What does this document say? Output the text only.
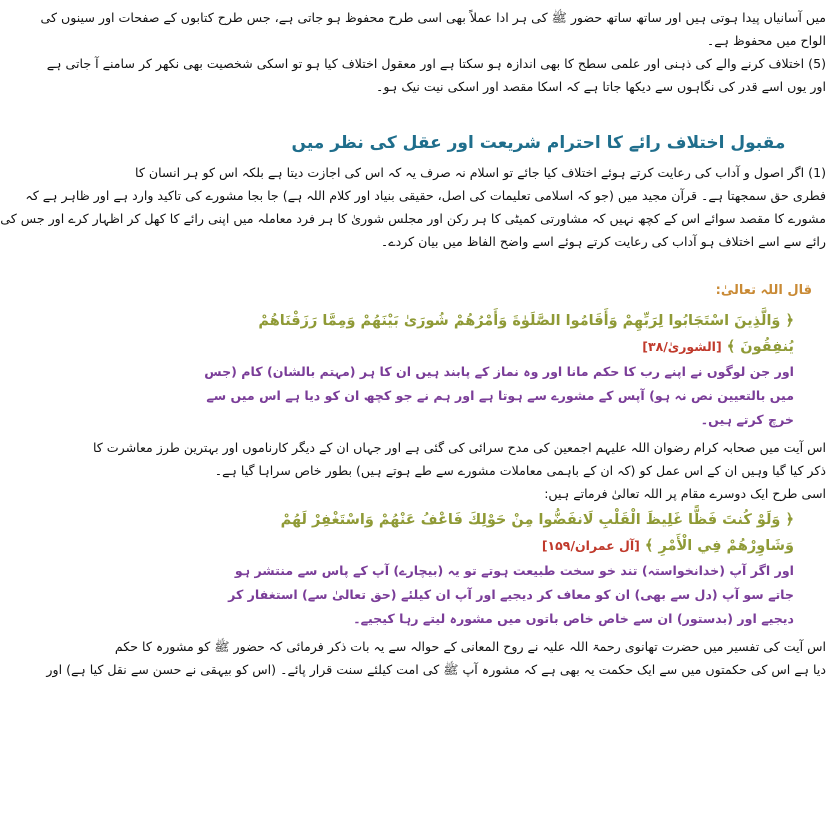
میں آسانیاں پیدا ہوتی ہیں اور ساتھ ساتھ حضور ﷺ کی ہر ادا عملاً بھی اسی طرح محفوظ ہو جاتی ہے، جس طرح کتابوں کے صفحات اور سینوں کی
الواح میں محفوظ ہے۔
(5) اختلاف کرنے والے کی ذہنی اور علمی سطح کا بھی اندازہ ہو سکتا ہے اور معقول اختلاف کیا ہو تو اسکی شخصیت بھی نکھر کر سامنے آ جاتی ہے
اور یوں اسے قدر کی نگاہوں سے دیکھا جاتا ہے کہ اسکا مقصد اور اسکی نیت نیک ہو۔

مقبول اختلاف رائے کا احترام شریعت اور عقل کی نظر میں

(1) اگر اصول و آداب کی رعایت کرتے ہوئے اختلاف کیا جائے تو اسلام نہ صرف یہ کہ اس کی اجازت دیتا ہے بلکہ اس کو ہر انسان کا
فطری حق سمجھتا ہے۔ قرآن مجید میں (جو کہ اسلامی تعلیمات کی اصل، حقیقی بنیاد اور کلام اللہ ہے) جا بجا مشورے کی تاکید وارد ہے اور ظاہر ہے کہ
مشورے کا مقصد سوائے اس کے کچھ نہیں کہ مشاورتی کمیٹی کا ہر رکن اور مجلس شوریٰ کا ہر فرد معاملہ میں اپنی رائے کا کھل کر اظہار کرے اور جس کی
رائے سے اسے اختلاف ہو آداب کی رعایت کرتے ہوئے اسے واضح الفاظ میں بیان کردے۔

قال اللہ تعالیٰ:
﴿ وَالَّذِينَ اسْتَجَابُوا لِرَبِّهِمْ وَأَقَامُوا الصَّلَوٰةَ وَأَمْرُهُمْ شُورَىٰ بَيْنَهُمْ وَمِمَّا رَزَقْنَاهُمْ
يُنفِقُونَ ﴾ [الشوریٰ/۳۸]
اور جن لوگوں نے اپنے رب کا حکم مانا اور وہ نماز کے پابند ہیں ان کا ہر (مہتم بالشان) کام (جس
میں بالتعیین نص نہ ہو) آپس کے مشورے سے ہوتا ہے اور ہم نے جو کچھ ان کو دیا ہے اس میں سے
خرچ کرتے ہیں۔

اس آیت میں صحابہ کرام رضوان اللہ علیہم اجمعین کی مدح سرائی کی گئی ہے اور جہاں ان کے دیگر کارناموں اور بہترین طرز معاشرت کا
ذکر کیا گیا وہیں ان کے اس عمل کو (کہ ان کے باہمی معاملات مشورے سے طے ہوتے ہیں) بطور خاص سراہا گیا ہے۔
اسی طرح ایک دوسرے مقام پر اللہ تعالیٰ فرماتے ہیں:

﴿ وَلَوْ كُنتَ فَظًّا غَلِيظَ الْقَلْبِ لَانفَضُّوا مِنْ حَوْلِكَ فَاعْفُ عَنْهُمْ وَاسْتَغْفِرْ لَهُمْ
وَشَاوِرْهُمْ فِي الْأَمْرِ ﴾ [آل عمران/۱۵۹]
اور اگر آپ (خدانخواستہ) تند خو سخت طبیعت ہوتے تو یہ (بیچارے) آپ کے پاس سے منتشر ہو
جاتے سو آپ (دل سے بھی) ان کو معاف کر دیجیے اور آپ ان کیلئے (حق تعالیٰ سے) استغفار کر
دیجیے اور (بدستور) ان سے خاص خاص باتوں میں مشورہ لیتے رہا کیجیے۔

اس آیت کی تفسیر میں حضرت تھانوی رحمۃ اللہ علیہ نے روح المعانی کے حوالہ سے یہ بات ذکر فرمائی کہ حضور ﷺ کو مشورہ کا حکم
دیا ہے اس کی حکمتوں میں سے ایک حکمت یہ بھی ہے کہ مشورہ آپ ﷺ کی امت کیلئے سنت قرار پائے۔ (اس کو بیہقی نے حسن سے نقل کیا ہے) اور
